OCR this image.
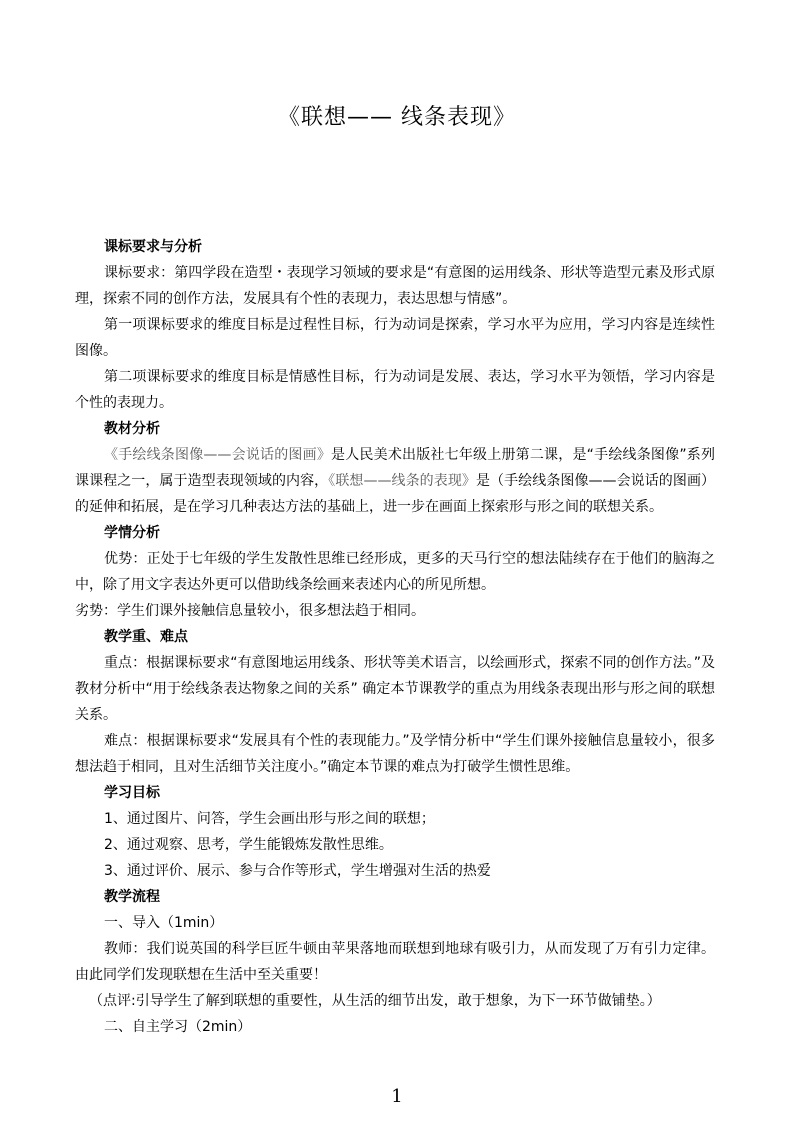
《联想—— 线条表现》

课标要求与分析

课标要求：第四学段在造型・表现学习领域的要求是“有意图的运用线条、形状等造型元素及形式原理，探索不同的创作方法，发展具有个性的表现力，表达思想与情感”。

第一项课标要求的维度目标是过程性目标，行为动词是探索，学习水平为应用，学习内容是连续性图像。

第二项课标要求的维度目标是情感性目标，行为动词是发展、表达，学习水平为领悟，学习内容是个性的表现力。

教材分析

《手绘线条图像——会说话的图画》是人民美术出版社七年级上册第二课，是“手绘线条图像”系列课课程之一，属于造型表现领域的内容，《联想——线条的表现》是（手绘线条图像——会说话的图画）的延伸和拓展，是在学习几种表达方法的基础上，进一步在画面上探索形与形之间的联想关系。

学情分析

优势：正处于七年级的学生发散性思维已经形成，更多的天马行空的想法陆续存在于他们的脑海之中，除了用文字表达外更可以借助线条绘画来表述内心的所见所想。

劣势：学生们课外接触信息量较小，很多想法趋于相同。

教学重、难点

重点：根据课标要求“有意图地运用线条、形状等美术语言，以绘画形式，探索不同的创作方法。”及教材分析中“用于绘线条表达物象之间的关系” 确定本节课教学的重点为用线条表现出形与形之间的联想关系。

难点：根据课标要求“发展具有个性的表现能力。”及学情分析中“学生们课外接触信息量较小，很多想法趋于相同，且对生活细节关注度小。”确定本节课的难点为打破学生惯性思维。

学习目标

1、通过图片、问答，学生会画出形与形之间的联想；

2、通过观察、思考，学生能锻炼发散性思维。

3、通过评价、展示、参与合作等形式，学生增强对生活的热爱

教学流程

一、导入（1min）

教师：我们说英国的科学巨匠牛顿由苹果落地而联想到地球有吸引力，从而发现了万有引力定律。由此同学们发现联想在生活中至关重要！

（点评:引导学生了解到联想的重要性，从生活的细节出发，敢于想象，为下一环节做铺垫。）

二、自主学习（2min）

1
